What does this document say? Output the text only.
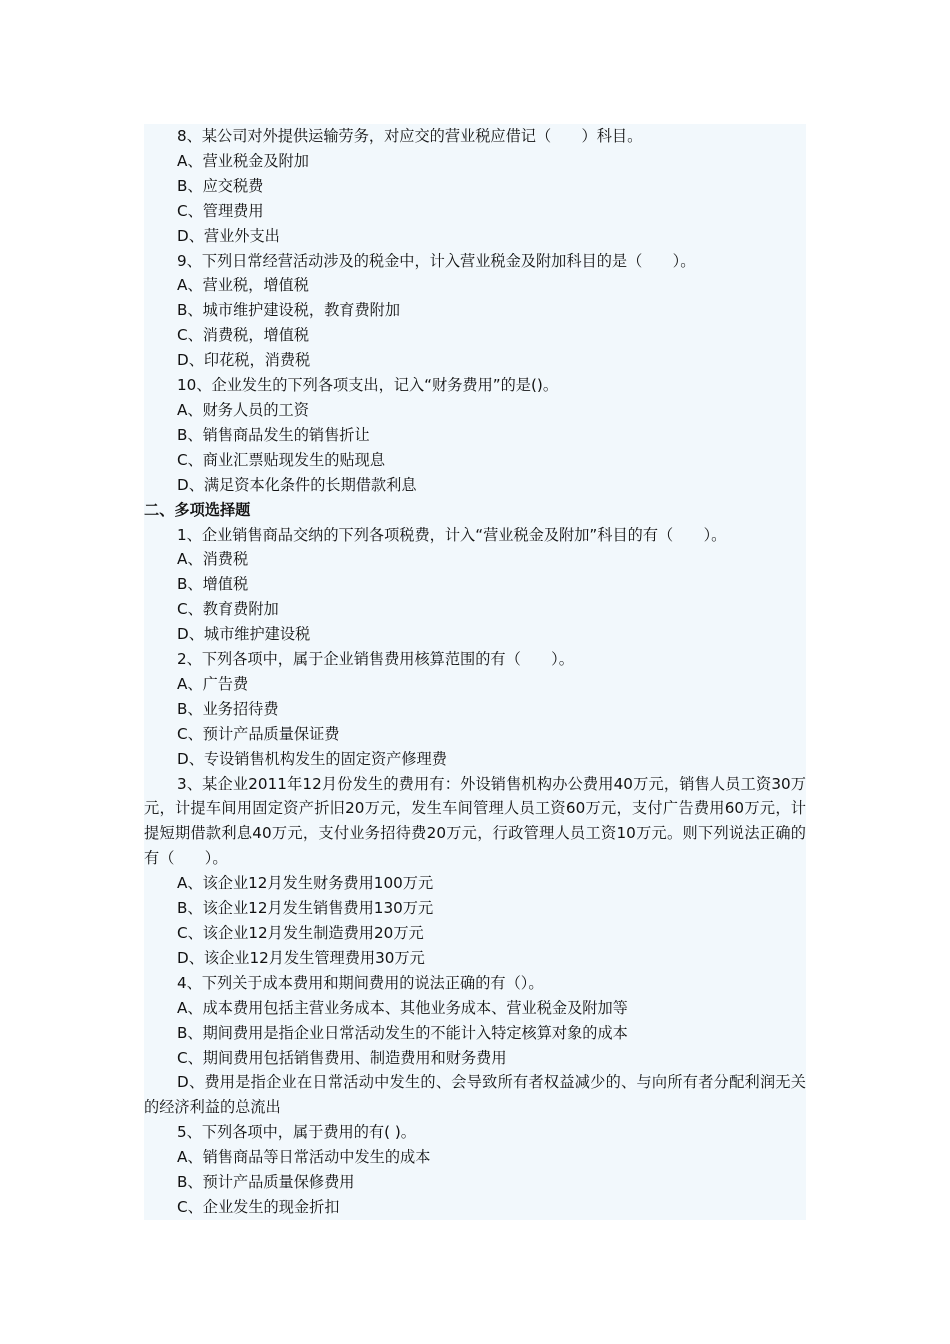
8、某公司对外提供运输劳务，对应交的营业税应借记（　　）科目。

A、营业税金及附加

B、应交税费

C、管理费用

D、营业外支出

9、下列日常经营活动涉及的税金中，计入营业税金及附加科目的是（　　）。

A、营业税，增值税

B、城市维护建设税，教育费附加

C、消费税，增值税

D、印花税，消费税

10、企业发生的下列各项支出，记入“财务费用”的是()。

A、财务人员的工资

B、销售商品发生的销售折让

C、商业汇票贴现发生的贴现息

D、满足资本化条件的长期借款利息

二、多项选择题

1、企业销售商品交纳的下列各项税费，计入“营业税金及附加”科目的有（　　）。

A、消费税

B、增值税

C、教育费附加

D、城市维护建设税

2、下列各项中，属于企业销售费用核算范围的有（　　）。

A、广告费

B、业务招待费

C、预计产品质量保证费

D、专设销售机构发生的固定资产修理费

3、某企业2011年12月份发生的费用有：外设销售机构办公费用40万元，销售人员工资30万元，计提车间用固定资产折旧20万元，发生车间管理人员工资60万元，支付广告费用60万元，计提短期借款利息40万元，支付业务招待费20万元，行政管理人员工资10万元。则下列说法正确的有（　　）。

A、该企业12月发生财务费用100万元

B、该企业12月发生销售费用130万元

C、该企业12月发生制造费用20万元

D、该企业12月发生管理费用30万元

4、下列关于成本费用和期间费用的说法正确的有（）。

A、成本费用包括主营业务成本、其他业务成本、营业税金及附加等

B、期间费用是指企业日常活动发生的不能计入特定核算对象的成本

C、期间费用包括销售费用、制造费用和财务费用

D、费用是指企业在日常活动中发生的、会导致所有者权益减少的、与向所有者分配利润无关的经济利益的总流出

5、下列各项中，属于费用的有( )。

A、销售商品等日常活动中发生的成本

B、预计产品质量保修费用

C、企业发生的现金折扣
